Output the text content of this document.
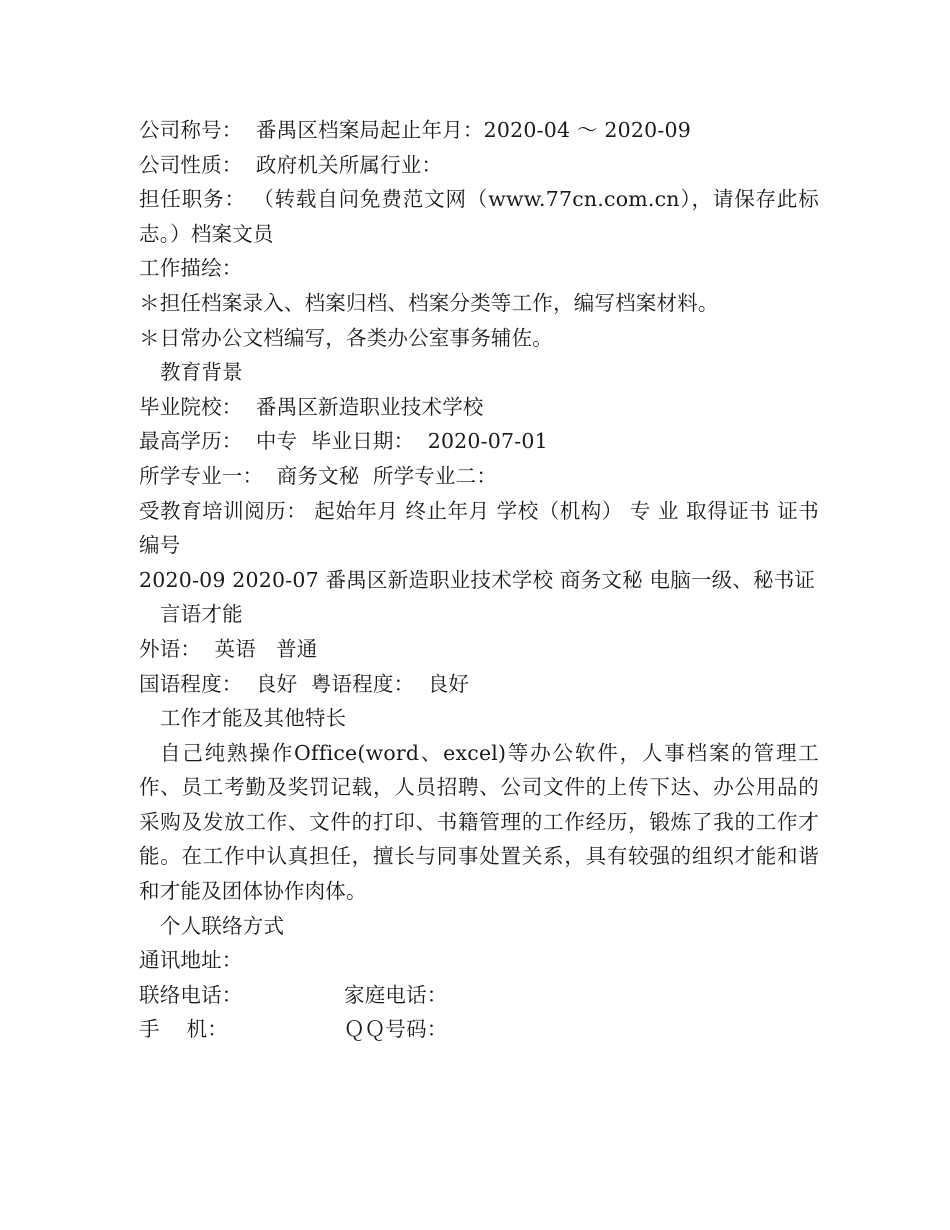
公司称号：  番禺区档案局起止年月：2020-04 ～ 2020-09
公司性质：  政府机关所属行业：
担任职务： （转载自问免费范文网（www.77cn.com.cn），请保存此标志。）档案文员
工作描绘：
＊担任档案录入、档案归档、档案分类等工作，编写档案材料。
＊日常办公文档编写，各类办公室事务辅佐。
教育背景
毕业院校：  番禺区新造职业技术学校
最高学历：  中专  毕业日期：  2020-07-01
所学专业一：  商务文秘  所学专业二：
受教育培训阅历： 起始年月 终止年月 学校（机构） 专 业 取得证书 证书编号
2020-09 2020-07 番禺区新造职业技术学校 商务文秘 电脑一级、秘书证
言语才能
外语：  英语   普通
国语程度：  良好  粤语程度：  良好
工作才能及其他特长
自己纯熟操作Office(word、excel)等办公软件，人事档案的管理工作、员工考勤及奖罚记载，人员招聘、公司文件的上传下达、办公用品的采购及发放工作、文件的打印、书籍管理的工作经历，锻炼了我的工作才能。在工作中认真担任，擅长与同事处置关系，具有较强的组织才能和谐和才能及团体协作肉体。
个人联络方式
通讯地址：
联络电话：	家庭电话：
手    机：	ＱＱ号码：
